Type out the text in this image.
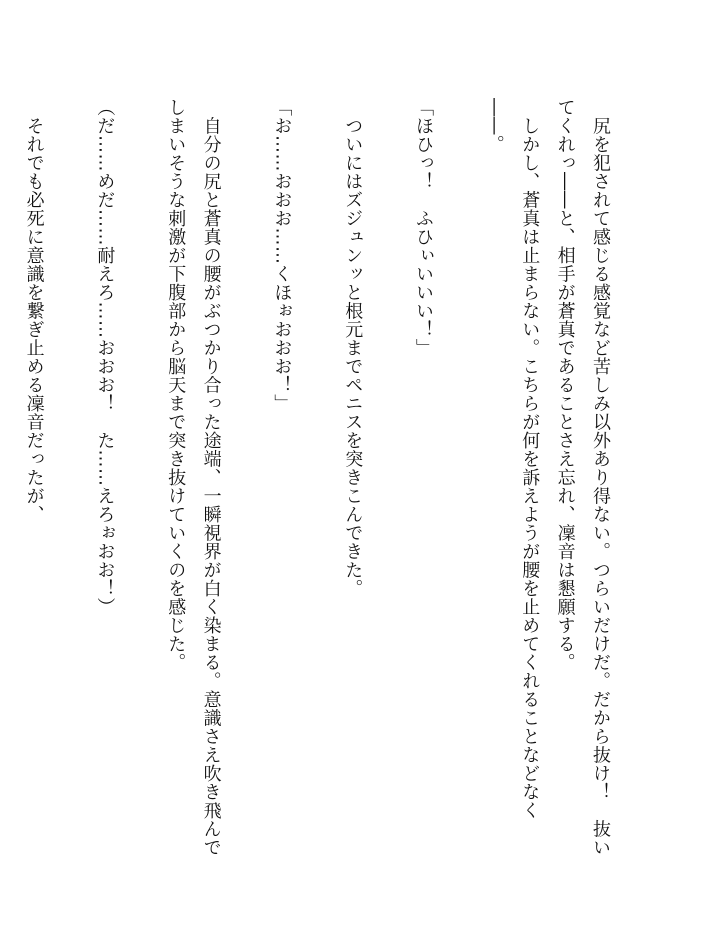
　尻を犯されて感じる感覚など苦しみ以外あり得ない。つらいだけだ。だから抜け！　抜いてくれっ――と、相手が蒼真であることさえ忘れ、凜音は懇願する。

　しかし、蒼真は止まらない。こちらが何を訴えようが腰を止めてくれることなどなく――。

「ほひっ！　ふひぃいいい！」

　ついにはズジュンッと根元までペニスを突きこんできた。

「お……おおお……くほぉおおお！」

　自分の尻と蒼真の腰がぶつかり合った途端、一瞬視界が白く染まる。意識さえ吹き飛んでしまいそうな刺激が下腹部から脳天まで突き抜けていくのを感じた。

（だ……めだ……耐えろ……おおお！　た……えろぉおお！）

　それでも必死に意識を繋ぎ止める凜音だったが、
